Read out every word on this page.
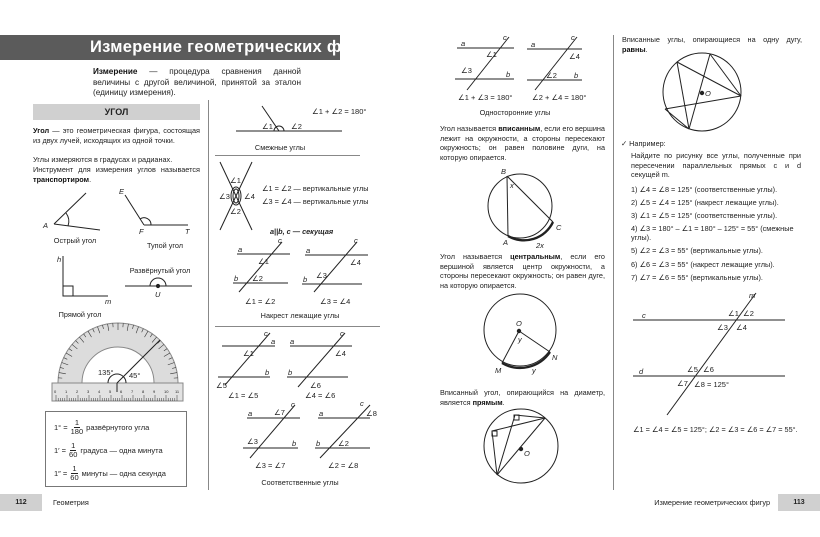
Измерение геометрических фигур
Измерение — процедура сравнения данной величины с другой величиной, принятой за эталон (единицу измерения).
УГОЛ
Угол — это геометрическая фигура, состоящая из двух лучей, исходящих из одной точки.
Углы измеряются в градусах и радианах.
Инструмент для измерения углов называется транспортиром.
Острый угол
Тупой угол
Прямой угол
Развёрнутый угол
$1^\circ = \frac{1}{180}$ развёрнутого угла
$1' = \frac{1}{60}$ градуса — одна минута
$1'' = \frac{1}{60}$ минуты — одна секунда
Смежные углы
∠1 = ∠2 — вертикальные углы
∠3 = ∠4 — вертикальные углы
a||b, c — секущая
Накрест лежащие углы
Соответственные углы
Односторонние углы
Угол называется вписанным, если его вершина лежит на окружности, а стороны пересекают окружность; он равен половине дуги, на которую опирается.
Угол называется центральным, если его вершиной является центр окружности, а стороны пересекают окружность; он равен дуге, на которую опирается.
Вписанный угол, опирающийся на диаметр, является прямым.
Вписанные углы, опирающиеся на одну дугу, равны.
✓ Например:
Найдите по рисунку все углы, полученные при пересечении параллельных прямых c и d секущей m.
1) ∠4 = ∠8 = 125° (соответственные углы).
2) ∠5 = ∠4 = 125° (накрест лежащие углы).
3) ∠1 = ∠5 = 125° (соответственные углы).
4) ∠3 = 180° – ∠1 = 180° – 125° = 55° (смежные углы).
5) ∠2 = ∠3 = 55° (вертикальные углы).
6) ∠6 = ∠3 = 55° (накрест лежащие углы).
7) ∠7 = ∠6 = 55° (вертикальные углы).
∠1 = ∠4 = ∠5 = 125°; ∠2 = ∠3 = ∠6 = ∠7 = 55°.
112	Геометрия	Измерение геометрических фигур	113
A
E
F	T
h
m
U
135° 45°
0 1 2 3 4 5 6 7 8 9 10 11
∠1 ∠2
∠1 + ∠2 = 180°
∠1
∠3 ∠4
∠2
a
b
c
∠1
∠2
a
b
c
∠4
∠3
∠1 = ∠2	∠3 = ∠4
a
c
b
∠1
∠5
a
c
b
∠4
∠6
∠1 = ∠5	∠4 = ∠6
a
c
b
∠7
∠3
a
c
b
∠8
∠2
∠3 = ∠7	∠2 = ∠8
a
c
b
∠1
∠3
a
c
b
∠4
∠2
∠1 + ∠3 = 180°	∠2 + ∠4 = 180°
B
A
C
x
2x
O
M
N
y
y
O
O
m
c
d
∠1 ∠2
∠3 ∠4
∠5 ∠6
∠7 ∠8 = 125°
